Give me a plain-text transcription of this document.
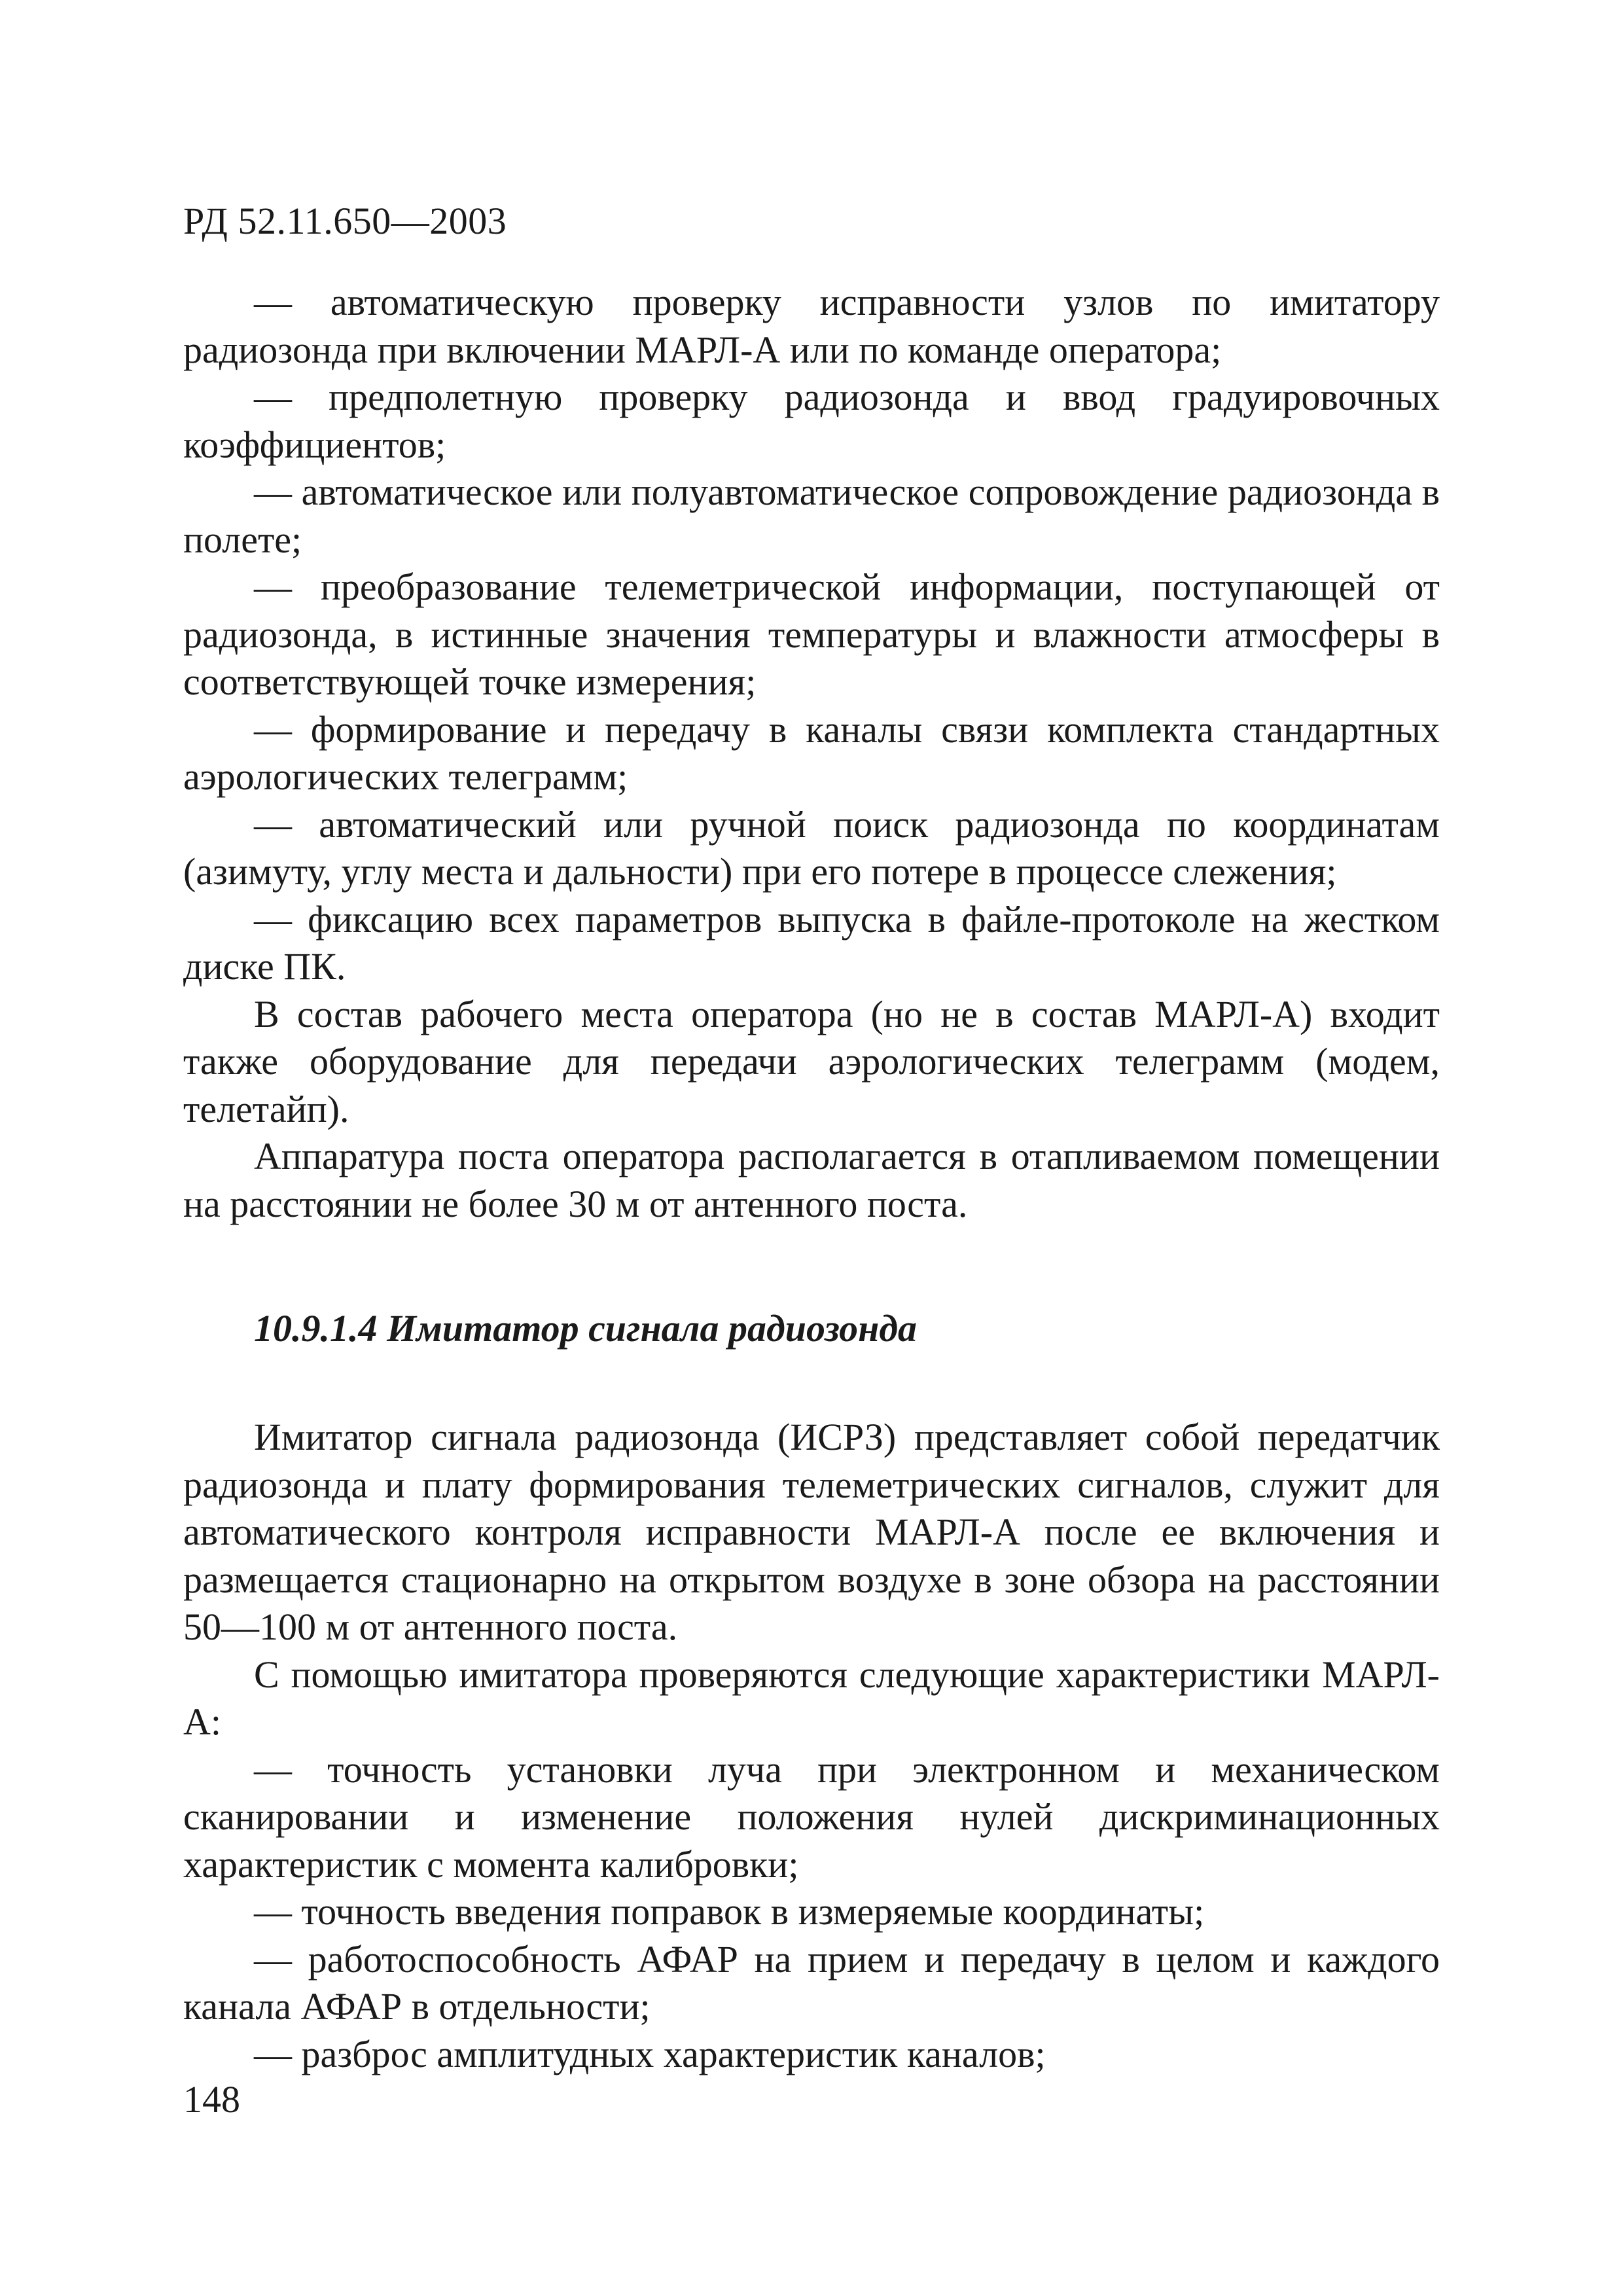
РД 52.11.650—2003

— автоматическую проверку исправности узлов по имитатору радиозонда при включении МАРЛ-А или по команде оператора;

— предполетную проверку радиозонда и ввод градуировочных коэффициентов;

— автоматическое или полуавтоматическое сопровождение радиозонда в полете;

— преобразование телеметрической информации, поступающей от радиозонда, в истинные значения температуры и влажности атмосферы в соответствующей точке измерения;

— формирование и передачу в каналы связи комплекта стандартных аэрологических телеграмм;

— автоматический или ручной поиск радиозонда по координатам (азимуту, углу места и дальности) при его потере в процессе слежения;

— фиксацию всех параметров выпуска в файле-протоколе на жестком диске ПК.

В состав рабочего места оператора (но не в состав МАРЛ-А) входит также оборудование для передачи аэрологических телеграмм (модем, телетайп).

Аппаратура поста оператора располагается в отапливаемом помещении на расстоянии не более 30 м от антенного поста.

10.9.1.4 Имитатор сигнала радиозонда

Имитатор сигнала радиозонда (ИСРЗ) представляет собой передатчик радиозонда и плату формирования телеметрических сигналов, служит для автоматического контроля исправности МАРЛ-А после ее включения и размещается стационарно на открытом воздухе в зоне обзора на расстоянии 50—100 м от антенного поста.

С помощью имитатора проверяются следующие характеристики МАРЛ-А:

— точность установки луча при электронном и механическом сканировании и изменение положения нулей дискриминационных характеристик с момента калибровки;

— точность введения поправок в измеряемые координаты;

— работоспособность АФАР на прием и передачу в целом и каждого канала АФАР в отдельности;

— разброс амплитудных характеристик каналов;

148
